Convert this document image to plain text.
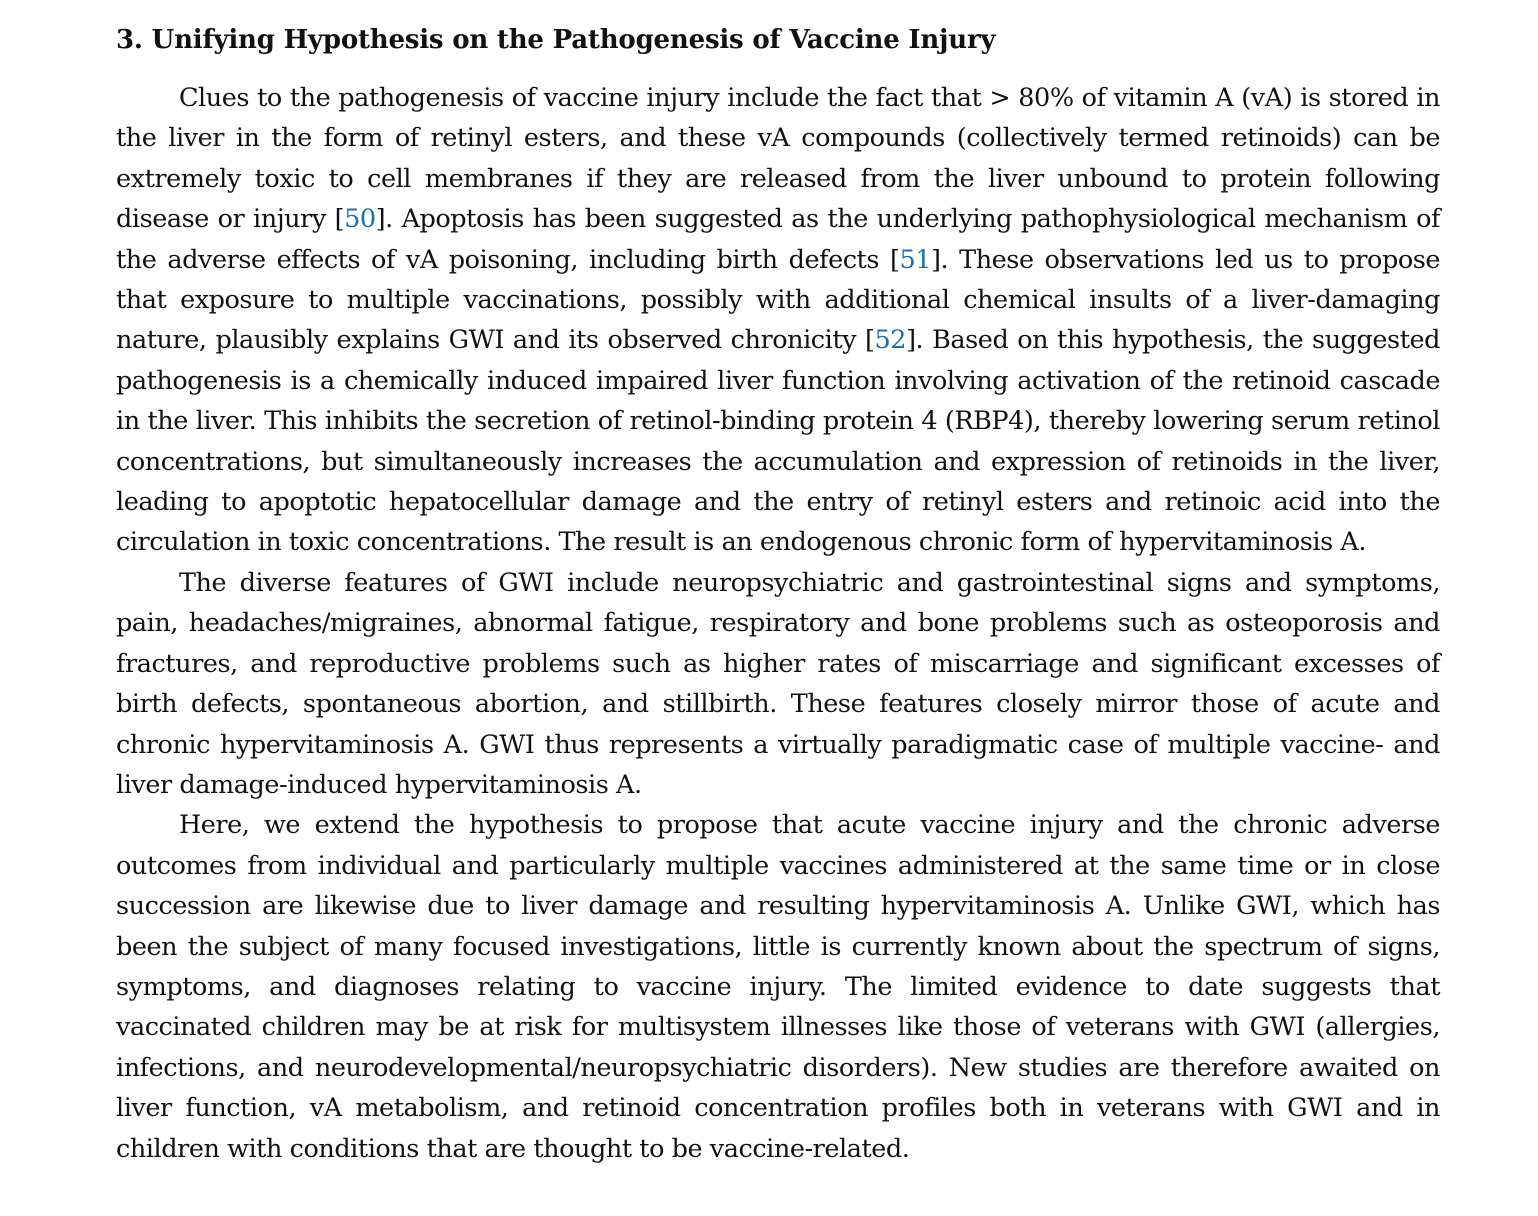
3. Unifying Hypothesis on the Pathogenesis of Vaccine Injury

Clues to the pathogenesis of vaccine injury include the fact that > 80% of vitamin A (vA) is stored in the liver in the form of retinyl esters, and these vA compounds (collectively termed retinoids) can be extremely toxic to cell membranes if they are released from the liver unbound to protein following disease or injury [50]. Apoptosis has been suggested as the underlying pathophysiological mechanism of the adverse effects of vA poisoning, including birth defects [51]. These observations led us to propose that exposure to multiple vaccinations, possibly with additional chemical insults of a liver-damaging nature, plausibly explains GWI and its observed chronicity [52]. Based on this hypothesis, the suggested pathogenesis is a chemically induced impaired liver function involving activation of the retinoid cascade in the liver. This inhibits the secretion of retinol-binding protein 4 (RBP4), thereby lowering serum retinol concentrations, but simultaneously increases the accumulation and expression of retinoids in the liver, leading to apoptotic hepatocellular damage and the entry of retinyl esters and retinoic acid into the circulation in toxic concentrations. The result is an endogenous chronic form of hypervitaminosis A.

The diverse features of GWI include neuropsychiatric and gastrointestinal signs and symptoms, pain, headaches/migraines, abnormal fatigue, respiratory and bone problems such as osteoporosis and fractures, and reproductive problems such as higher rates of miscarriage and significant excesses of birth defects, spontaneous abortion, and stillbirth. These features closely mirror those of acute and chronic hypervitaminosis A. GWI thus represents a virtually paradigmatic case of multiple vaccine- and liver damage-induced hypervitaminosis A.

Here, we extend the hypothesis to propose that acute vaccine injury and the chronic adverse outcomes from individual and particularly multiple vaccines administered at the same time or in close succession are likewise due to liver damage and resulting hypervitaminosis A. Unlike GWI, which has been the subject of many focused investigations, little is currently known about the spectrum of signs, symptoms, and diagnoses relating to vaccine injury. The limited evidence to date suggests that vaccinated children may be at risk for multisystem illnesses like those of veterans with GWI (allergies, infections, and neurodevelopmental/neuropsychiatric disorders). New studies are therefore awaited on liver function, vA metabolism, and retinoid concentration profiles both in veterans with GWI and in children with conditions that are thought to be vaccine-related.
